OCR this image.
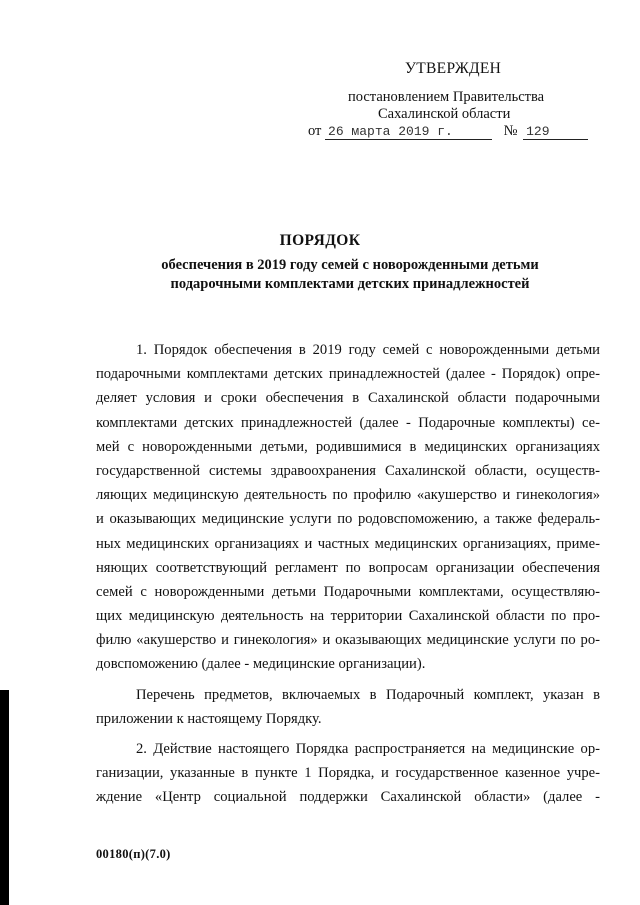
УТВЕРЖДЕН
постановлением Правительства
Сахалинской области
от 26 марта 2019 г.	№ 129
ПОРЯДОК
обеспечения в 2019 году семей с новорожденными детьми
подарочными комплектами детских принадлежностей
1. Порядок обеспечения в 2019 году семей с новорожденными детьми
подарочными комплектами детских принадлежностей (далее - Порядок) опре-
деляет условия и сроки обеспечения в Сахалинской области подарочными
комплектами детских принадлежностей (далее - Подарочные комплекты) се-
мей с новорожденными детьми, родившимися в медицинских организациях
государственной системы здравоохранения Сахалинской области, осуществ-
ляющих медицинскую деятельность по профилю «акушерство и гинекология»
и оказывающих медицинские услуги по родовспоможению, а также федераль-
ных медицинских организациях и частных медицинских организациях, приме-
няющих соответствующий регламент по вопросам организации обеспечения
семей с новорожденными детьми Подарочными комплектами, осуществляю-
щих медицинскую деятельность на территории Сахалинской области по про-
филю «акушерство и гинекология» и оказывающих медицинские услуги по ро-
довспоможению (далее - медицинские организации).
Перечень предметов, включаемых в Подарочный комплект, указан в
приложении к настоящему Порядку.
2. Действие настоящего Порядка распространяется на медицинские ор-
ганизации, указанные в пункте 1 Порядка, и государственное казенное учре-
ждение «Центр социальной поддержки Сахалинской области» (далее -
00180(п)(7.0)
